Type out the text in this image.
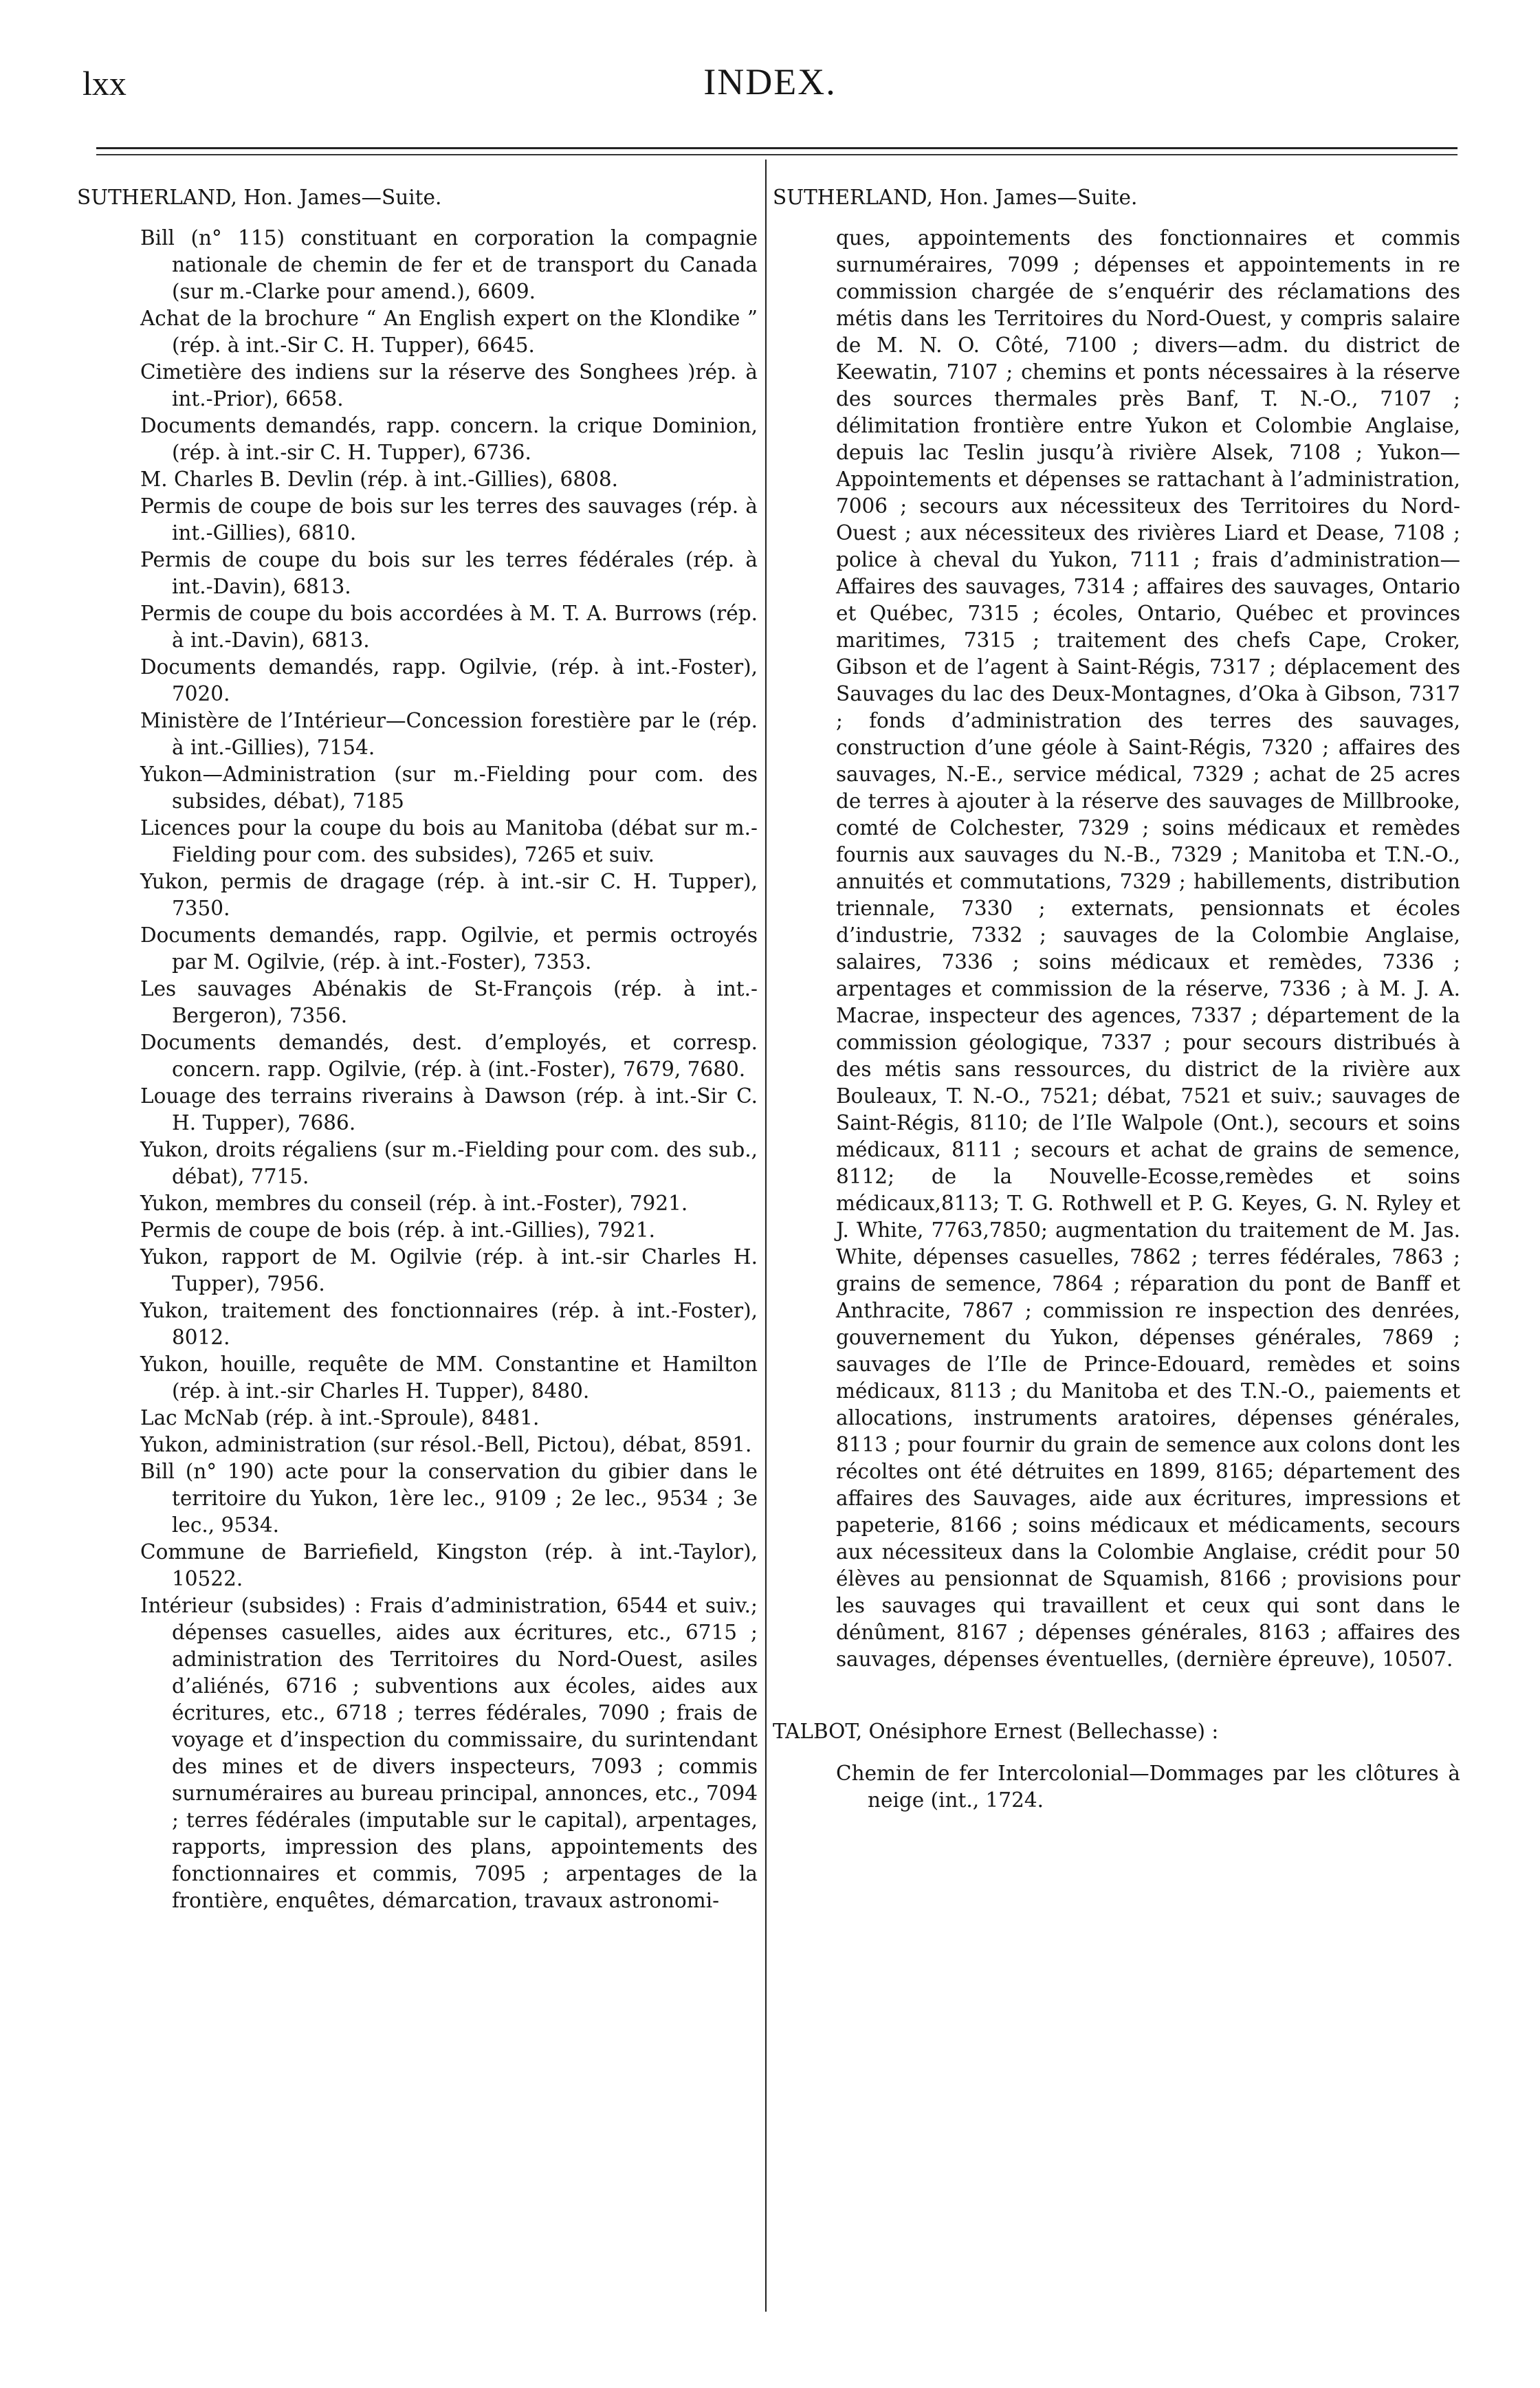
lxx	INDEX.
SUTHERLAND, Hon. James—Suite.

Bill (n° 115) constituant en corporation la compagnie nationale de chemin de fer et de transport du Canada (sur m.-Clarke pour amend.), 6609.

Achat de la brochure “ An English expert on the Klondike ” (rép. à int.-Sir C. H. Tupper), 6645.

Cimetière des indiens sur la réserve des Songhees )rép. à int.-Prior), 6658.

Documents demandés, rapp. concern. la crique Dominion, (rép. à int.-sir C. H. Tupper), 6736.

M. Charles B. Devlin (rép. à int.-Gillies), 6808.

Permis de coupe de bois sur les terres des sauvages (rép. à int.-Gillies), 6810.

Permis de coupe du bois sur les terres fédérales (rép. à int.-Davin), 6813.

Permis de coupe du bois accordées à M. T. A. Burrows (rép. à int.-Davin), 6813.

Documents demandés, rapp. Ogilvie, (rép. à int.-Foster), 7020.

Ministère de l’Intérieur—Concession forestière par le (rép. à int.-Gillies), 7154.

Yukon—Administration (sur m.-Fielding pour com. des subsides, débat), 7185

Licences pour la coupe du bois au Manitoba (débat sur m.-Fielding pour com. des subsides), 7265 et suiv.

Yukon, permis de dragage (rép. à int.-sir C. H. Tupper), 7350.

Documents demandés, rapp. Ogilvie, et permis octroyés par M. Ogilvie, (rép. à int.-Foster), 7353.

Les sauvages Abénakis de St-François (rép. à int.-Bergeron), 7356.

Documents demandés, dest. d’employés, et corresp. concern. rapp. Ogilvie, (rép. à (int.-Foster), 7679, 7680.

Louage des terrains riverains à Dawson (rép. à int.-Sir C. H. Tupper), 7686.

Yukon, droits régaliens (sur m.-Fielding pour com. des sub., débat), 7715.

Yukon, membres du conseil (rép. à int.-Foster), 7921.

Permis de coupe de bois (rép. à int.-Gillies), 7921.

Yukon, rapport de M. Ogilvie (rép. à int.-sir Charles H. Tupper), 7956.

Yukon, traitement des fonctionnaires (rép. à int.-Foster), 8012.

Yukon, houille, requête de MM. Constantine et Hamilton (rép. à int.-sir Charles H. Tupper), 8480.

Lac McNab (rép. à int.-Sproule), 8481.

Yukon, administration (sur résol.-Bell, Pictou), débat, 8591.

Bill (n° 190) acte pour la conservation du gibier dans le territoire du Yukon, 1ère lec., 9109 ; 2e lec., 9534 ; 3e lec., 9534.

Commune de Barriefield, Kingston (rép. à int.-Taylor), 10522.

Intérieur (subsides) : Frais d’administration, 6544 et suiv.; dépenses casuelles, aides aux écritures, etc., 6715 ; administration des Territoires du Nord-Ouest, asiles d’aliénés, 6716 ; subventions aux écoles, aides aux écritures, etc., 6718 ; terres fédérales, 7090 ; frais de voyage et d’inspection du commissaire, du surintendant des mines et de divers inspecteurs, 7093 ; commis surnuméraires au bureau principal, annonces, etc., 7094 ; terres fédérales (imputable sur le capital), arpentages, rapports, impression des plans, appointements des fonctionnaires et commis, 7095 ; arpentages de la frontière, enquêtes, démarcation, travaux astronomi-

SUTHERLAND, Hon. James—Suite.

ques, appointements des fonctionnaires et commis surnuméraires, 7099 ; dépenses et appointements in re commission chargée de s’enquérir des réclamations des métis dans les Territoires du Nord-Ouest, y compris salaire de M. N. O. Côté, 7100 ; divers—adm. du district de Keewatin, 7107 ; chemins et ponts nécessaires à la réserve des sources thermales près Banf, T. N.-O., 7107 ; délimitation frontière entre Yukon et Colombie Anglaise, depuis lac Teslin jusqu’à rivière Alsek, 7108 ; Yukon—Appointements et dépenses se rattachant à l’administration, 7006 ; secours aux nécessiteux des Territoires du Nord-Ouest ; aux nécessiteux des rivières Liard et Dease, 7108 ; police à cheval du Yukon, 7111 ; frais d’administration—Affaires des sauvages, 7314 ; affaires des sauvages, Ontario et Québec, 7315 ; écoles, Ontario, Québec et provinces maritimes, 7315 ; traitement des chefs Cape, Croker, Gibson et de l’agent à Saint-Régis, 7317 ; déplacement des Sauvages du lac des Deux-Montagnes, d’Oka à Gibson, 7317 ; fonds d’administration des terres des sauvages, construction d’une géole à Saint-Régis, 7320 ; affaires des sauvages, N.-E., service médical, 7329 ; achat de 25 acres de terres à ajouter à la réserve des sauvages de Millbrooke, comté de Colchester, 7329 ; soins médicaux et remèdes fournis aux sauvages du N.-B., 7329 ; Manitoba et T.N.-O., annuités et commutations, 7329 ; habillements, distribution triennale, 7330 ; externats, pensionnats et écoles d’industrie, 7332 ; sauvages de la Colombie Anglaise, salaires, 7336 ; soins médicaux et remèdes, 7336 ; arpentages et commission de la réserve, 7336 ; à M. J. A. Macrae, inspecteur des agences, 7337 ; département de la commission géologique, 7337 ; pour secours distribués à des métis sans ressources, du district de la rivière aux Bouleaux, T. N.-O., 7521; débat, 7521 et suiv.; sauvages de Saint-Régis, 8110; de l’Ile Walpole (Ont.), secours et soins médicaux, 8111 ; secours et achat de grains de semence, 8112; de la Nouvelle-Ecosse,remèdes et soins médicaux,8113; T. G. Rothwell et P. G. Keyes, G. N. Ryley et J. White, 7763,7850; augmentation du traitement de M. Jas. White, dépenses casuelles, 7862 ; terres fédérales, 7863 ; grains de semence, 7864 ; réparation du pont de Banff et Anthracite, 7867 ; commission re inspection des denrées, gouvernement du Yukon, dépenses générales, 7869 ; sauvages de l’Ile de Prince-Edouard, remèdes et soins médicaux, 8113 ; du Manitoba et des T.N.-O., paiements et allocations, instruments aratoires, dépenses générales, 8113 ; pour fournir du grain de semence aux colons dont les récoltes ont été détruites en 1899, 8165; département des affaires des Sauvages, aide aux écritures, impressions et papeterie, 8166 ; soins médicaux et médicaments, secours aux nécessiteux dans la Colombie Anglaise, crédit pour 50 élèves au pensionnat de Squamish, 8166 ; provisions pour les sauvages qui travaillent et ceux qui sont dans le dénûment, 8167 ; dépenses générales, 8163 ; affaires des sauvages, dépenses éventuelles, (dernière épreuve), 10507.

TALBOT, Onésiphore Ernest (Bellechasse) :

Chemin de fer Intercolonial—Dommages par les clôtures à neige (int., 1724.
